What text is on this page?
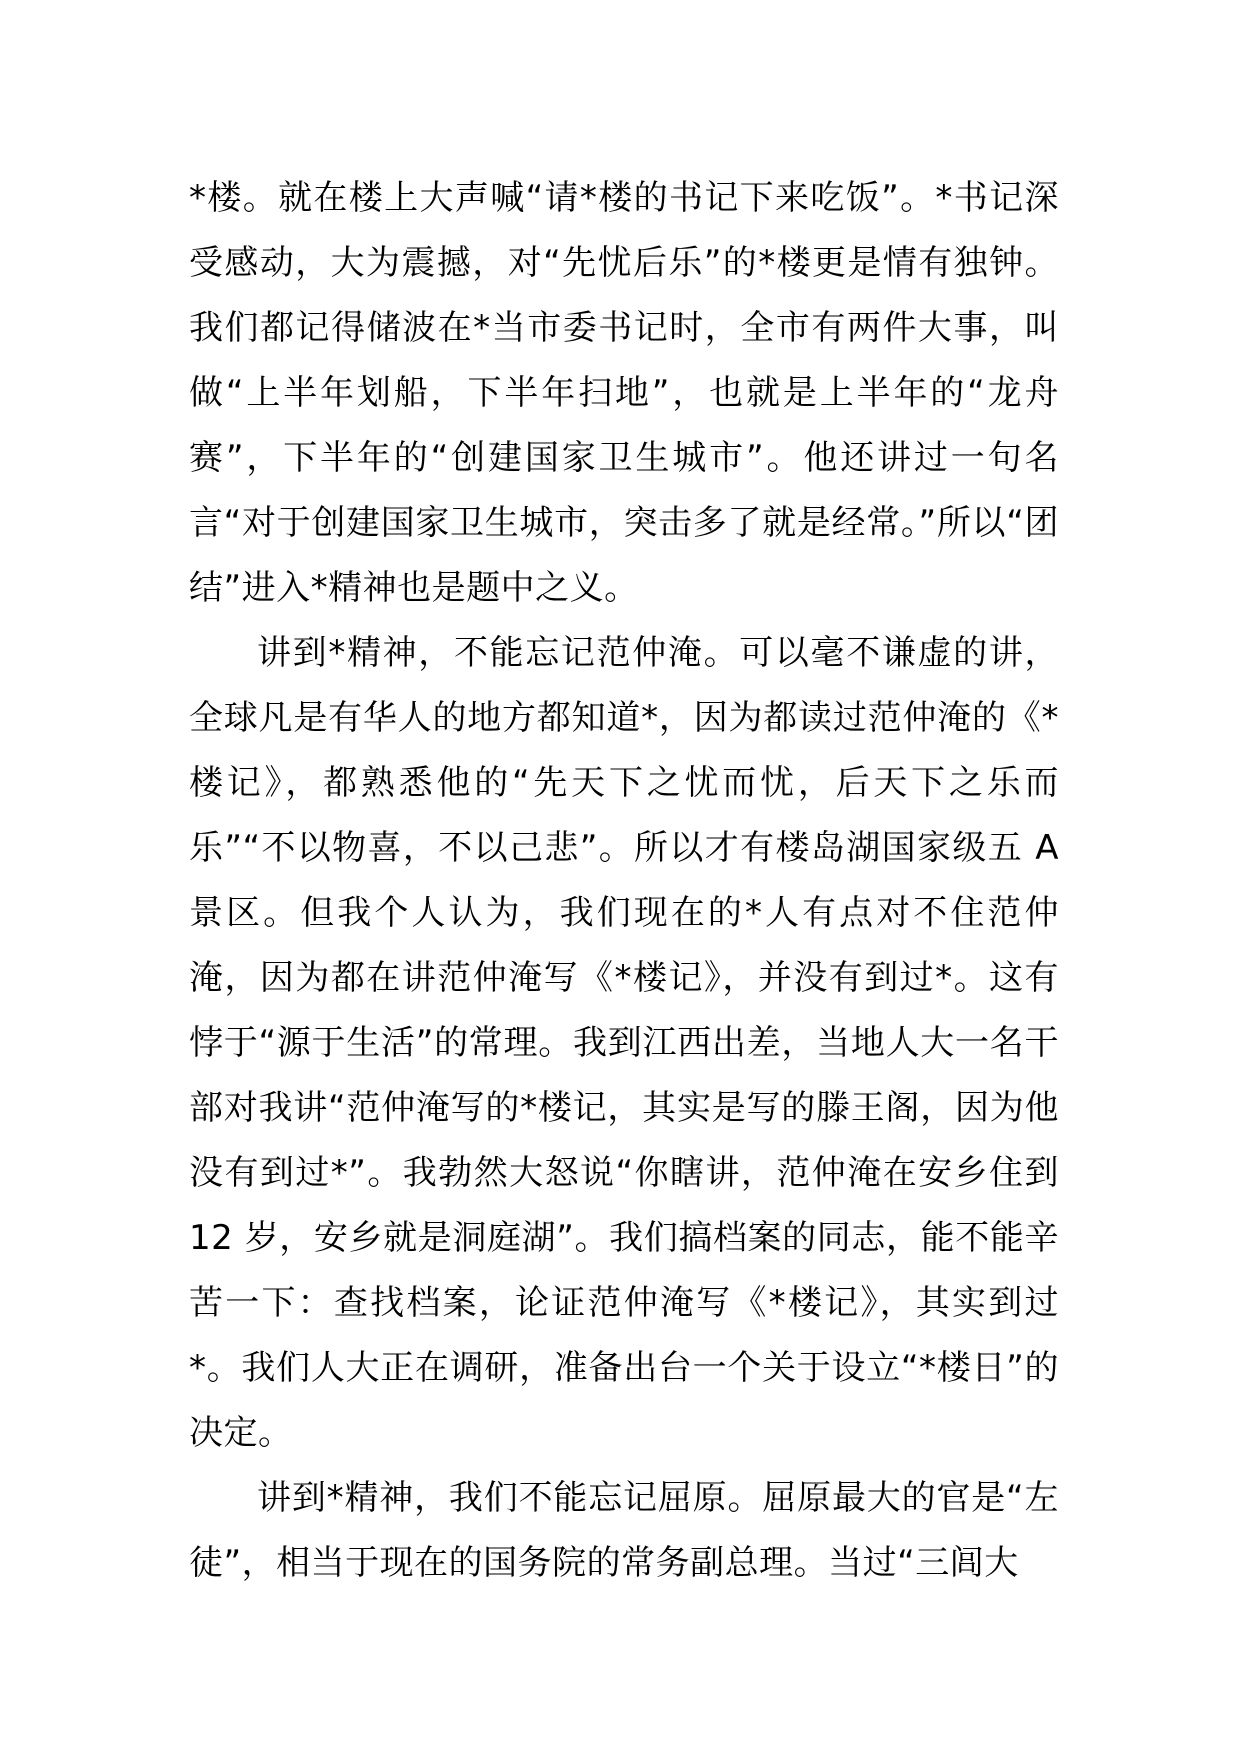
*楼。就在楼上大声喊“请*楼的书记下来吃饭”。*书记深受感动，大为震撼，对“先忧后乐”的*楼更是情有独钟。我们都记得储波在*当市委书记时，全市有两件大事，叫做“上半年划船，下半年扫地”，也就是上半年的“龙舟赛”，下半年的“创建国家卫生城市”。他还讲过一句名言“对于创建国家卫生城市，突击多了就是经常。”所以“团结”进入*精神也是题中之义。

讲到*精神，不能忘记范仲淹。可以毫不谦虚的讲，全球凡是有华人的地方都知道*，因为都读过范仲淹的《*楼记》，都熟悉他的“先天下之忧而忧，后天下之乐而乐”“不以物喜，不以己悲”。所以才有楼岛湖国家级五 A 景区。但我个人认为，我们现在的*人有点对不住范仲淹，因为都在讲范仲淹写《*楼记》，并没有到过*。这有悖于“源于生活”的常理。我到江西出差，当地人大一名干部对我讲“范仲淹写的*楼记，其实是写的滕王阁，因为他没有到过*”。我勃然大怒说“你瞎讲，范仲淹在安乡住到 12 岁，安乡就是洞庭湖”。我们搞档案的同志，能不能辛苦一下：查找档案，论证范仲淹写《*楼记》，其实到过*。我们人大正在调研，准备出台一个关于设立“*楼日”的决定。

讲到*精神，我们不能忘记屈原。屈原最大的官是“左徒”，相当于现在的国务院的常务副总理。当过“三闾大
